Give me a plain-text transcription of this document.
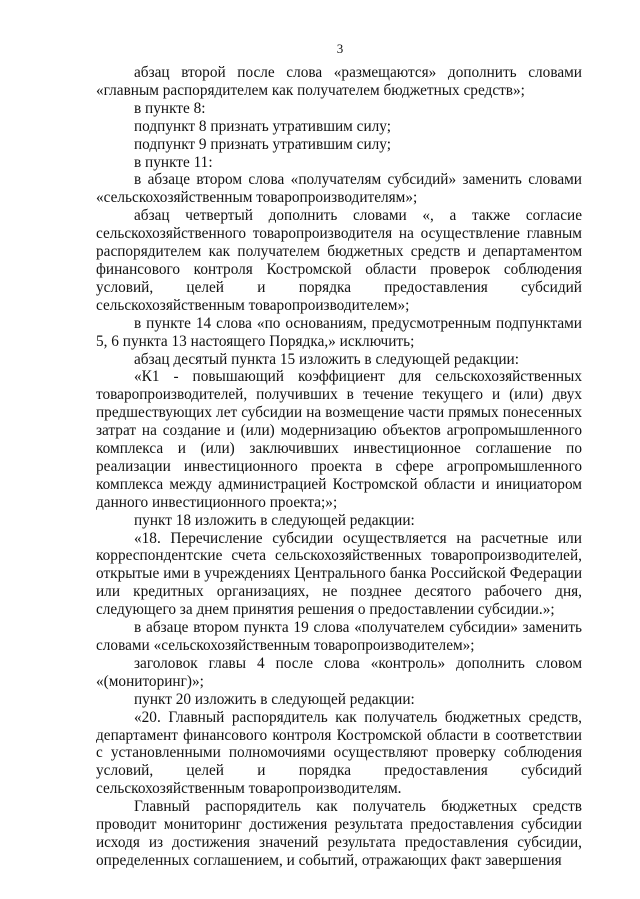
3

абзац второй после слова «размещаются» дополнить словами «главным распорядителем как получателем бюджетных средств»;

в пункте 8:

подпункт 8 признать утратившим силу;

подпункт 9 признать утратившим силу;

в пункте 11:

в абзаце втором слова «получателям субсидий» заменить словами «сельскохозяйственным товаропроизводителям»;

абзац четвертый дополнить словами «, а также согласие сельскохозяйственного товаропроизводителя на осуществление главным распорядителем как получателем бюджетных средств и департаментом финансового контроля Костромской области проверок соблюдения условий, целей и порядка предоставления субсидий сельскохозяйственным товаропроизводителем»;

в пункте 14 слова «по основаниям, предусмотренным подпунктами 5, 6 пункта 13 настоящего Порядка,» исключить;

абзац десятый пункта 15 изложить в следующей редакции:

«К1 - повышающий коэффициент для сельскохозяйственных товаропроизводителей, получивших в течение текущего и (или) двух предшествующих лет субсидии на возмещение части прямых понесенных затрат на создание и (или) модернизацию объектов агропромышленного комплекса и (или) заключивших инвестиционное соглашение по реализации инвестиционного проекта в сфере агропромышленного комплекса между администрацией Костромской области и инициатором данного инвестиционного проекта;»;

пункт 18 изложить в следующей редакции:

«18. Перечисление субсидии осуществляется на расчетные или корреспондентские счета сельскохозяйственных товаропроизводителей, открытые ими в учреждениях Центрального банка Российской Федерации или кредитных организациях, не позднее десятого рабочего дня, следующего за днем принятия решения о предоставлении субсидии.»;

в абзаце втором пункта 19 слова «получателем субсидии» заменить словами «сельскохозяйственным товаропроизводителем»;

заголовок главы 4 после слова «контроль» дополнить словом «(мониторинг)»;

пункт 20 изложить в следующей редакции:

«20. Главный распорядитель как получатель бюджетных средств, департамент финансового контроля Костромской области в соответствии с установленными полномочиями осуществляют проверку соблюдения условий, целей и порядка предоставления субсидий сельскохозяйственным товаропроизводителям.

Главный распорядитель как получатель бюджетных средств проводит мониторинг достижения результата предоставления субсидии исходя из достижения значений результата предоставления субсидии, определенных соглашением, и событий, отражающих факт завершения
